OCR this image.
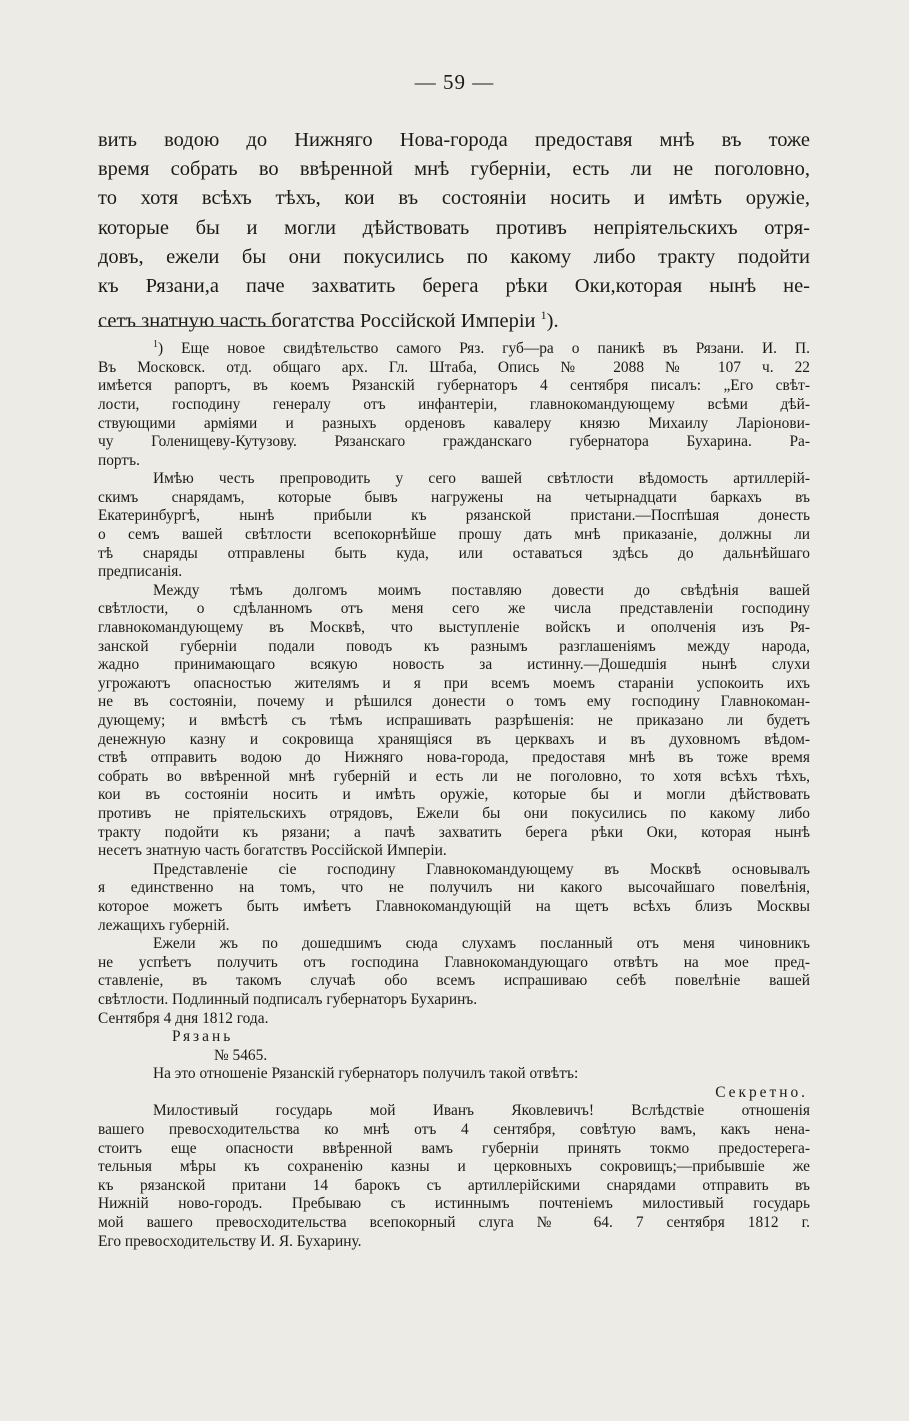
— 59 —
вить водою до Нижняго Нова-города предоставя мнѣ въ тоже
время собрать во ввѣренной мнѣ губерніи, есть ли не поголовно,
то хотя всѣхъ тѣхъ, кои въ состояніи носить и имѣть оружіе,
которые бы и могли дѣйствовать противъ непріятельскихъ отря-
довъ, ежели бы они покусились по какому либо тракту подойти
къ Рязани,а паче захватить берега рѣки Оки,которая нынѣ не-
сетъ знатную часть богатства Россійской Имперіи $^1$).
$^1$) Еще новое свидѣтельство самого Ряз. губ—ра о паникѣ въ Рязани. И. П.
Въ Московск. отд. общаго арх. Гл. Штаба, Опись № 2088 № 107 ч. 22
имѣется рапортъ, въ коемъ Рязанскій губернаторъ 4 сентября писалъ: „Его свѣт-
лости, господину генералу отъ инфантеріи, главнокомандующему всѣми дѣй-
ствующими арміями и разныхъ орденовъ кавалеру князю Михаилу Ларіонови-
чу Голенищеву-Кутузову. Рязанскаго гражданскаго губернатора Бухарина. Ра-
портъ.
Имѣю честь препроводить у сего вашей свѣтлости вѣдомость артиллерій-
скимъ снарядамъ, которые бывъ нагружены на четырнадцати баркахъ въ
Екатеринбургѣ, нынѣ прибыли къ рязанской пристани.—Поспѣшая донесть
о семъ вашей свѣтлости всепокорнѣйше прошу дать мнѣ приказаніе, должны ли
тѣ снаряды отправлены быть куда, или оставаться здѣсь до дальнѣйшаго
предписанія.
Между тѣмъ долгомъ моимъ поставляю довести до свѣдѣнія вашей
свѣтлости, о сдѣланномъ отъ меня сего же числа представленіи господину
главнокомандующему въ Москвѣ, что выступленіе войскъ и ополченія изъ Ря-
занской губерніи подали поводъ къ разнымъ разглашеніямъ между народа,
жадно принимающаго всякую новость за истинну.—Дошедшія нынѣ слухи
угрожаютъ опасностью жителямъ и я при всемъ моемъ стараніи успокоить ихъ
не въ состояніи, почему и рѣшился донести о томъ ему господину Главнокоман-
дующему; и вмѣстѣ съ тѣмъ испрашивать разрѣшенія: не приказано ли будетъ
денежную казну и сокровища хранящіяся въ церквахъ и въ духовномъ вѣдом-
ствѣ отправить водою до Нижняго нова-города, предоставя мнѣ въ тоже время
собрать во ввѣренной мнѣ губерній и есть ли не поголовно, то хотя всѣхъ тѣхъ,
кои въ состояніи носить и имѣть оружіе, которые бы и могли дѣйствовать
противъ не пріятельскихъ отрядовъ, Ежели бы они покусились по какому либо
тракту подойти къ рязани; а пачѣ захватить берега рѣки Оки, которая нынѣ
несетъ знатную часть богатствъ Россійской Имперіи.
Представленіе сіе господину Главнокомандующему въ Москвѣ основывалъ
я единственно на томъ, что не получилъ ни какого высочайшаго повелѣнія,
которое можетъ быть имѣетъ Главнокомандующій на щетъ всѣхъ близъ Москвы
лежащихъ губерній.
Ежели жъ по дошедшимъ сюда слухамъ посланный отъ меня чиновникъ
не успѣетъ получить отъ господина Главнокомандующаго отвѣтъ на мое пред-
ставленіе, въ такомъ случаѣ обо всемъ испрашиваю себѣ повелѣніе вашей
свѣтлости. Подлинный подписалъ губернаторъ Бухаринъ.
Сентября 4 дня 1812 года.
Рязань
№ 5465.
На это отношеніе Рязанскій губернаторъ получилъ такой отвѣтъ:
Секретно.
Милостивый государь мой Иванъ Яковлевичъ! Вслѣдствіе отношенія
вашего превосходительства ко мнѣ отъ 4 сентября, совѣтую вамъ, какъ нена-
стоитъ еще опасности ввѣренной вамъ губерніи принять токмо предостерега-
тельныя мѣры къ сохраненію казны и церковныхъ сокровищъ;—прибывшіе же
къ рязанской притани 14 барокъ съ артиллерійскими снарядами отправить въ
Нижній ново-городъ. Пребываю съ истиннымъ почтеніемъ милостивый государь
мой вашего превосходительства всепокорный слуга № 64. 7 сентября 1812 г.
Его превосходительству И. Я. Бухарину.
